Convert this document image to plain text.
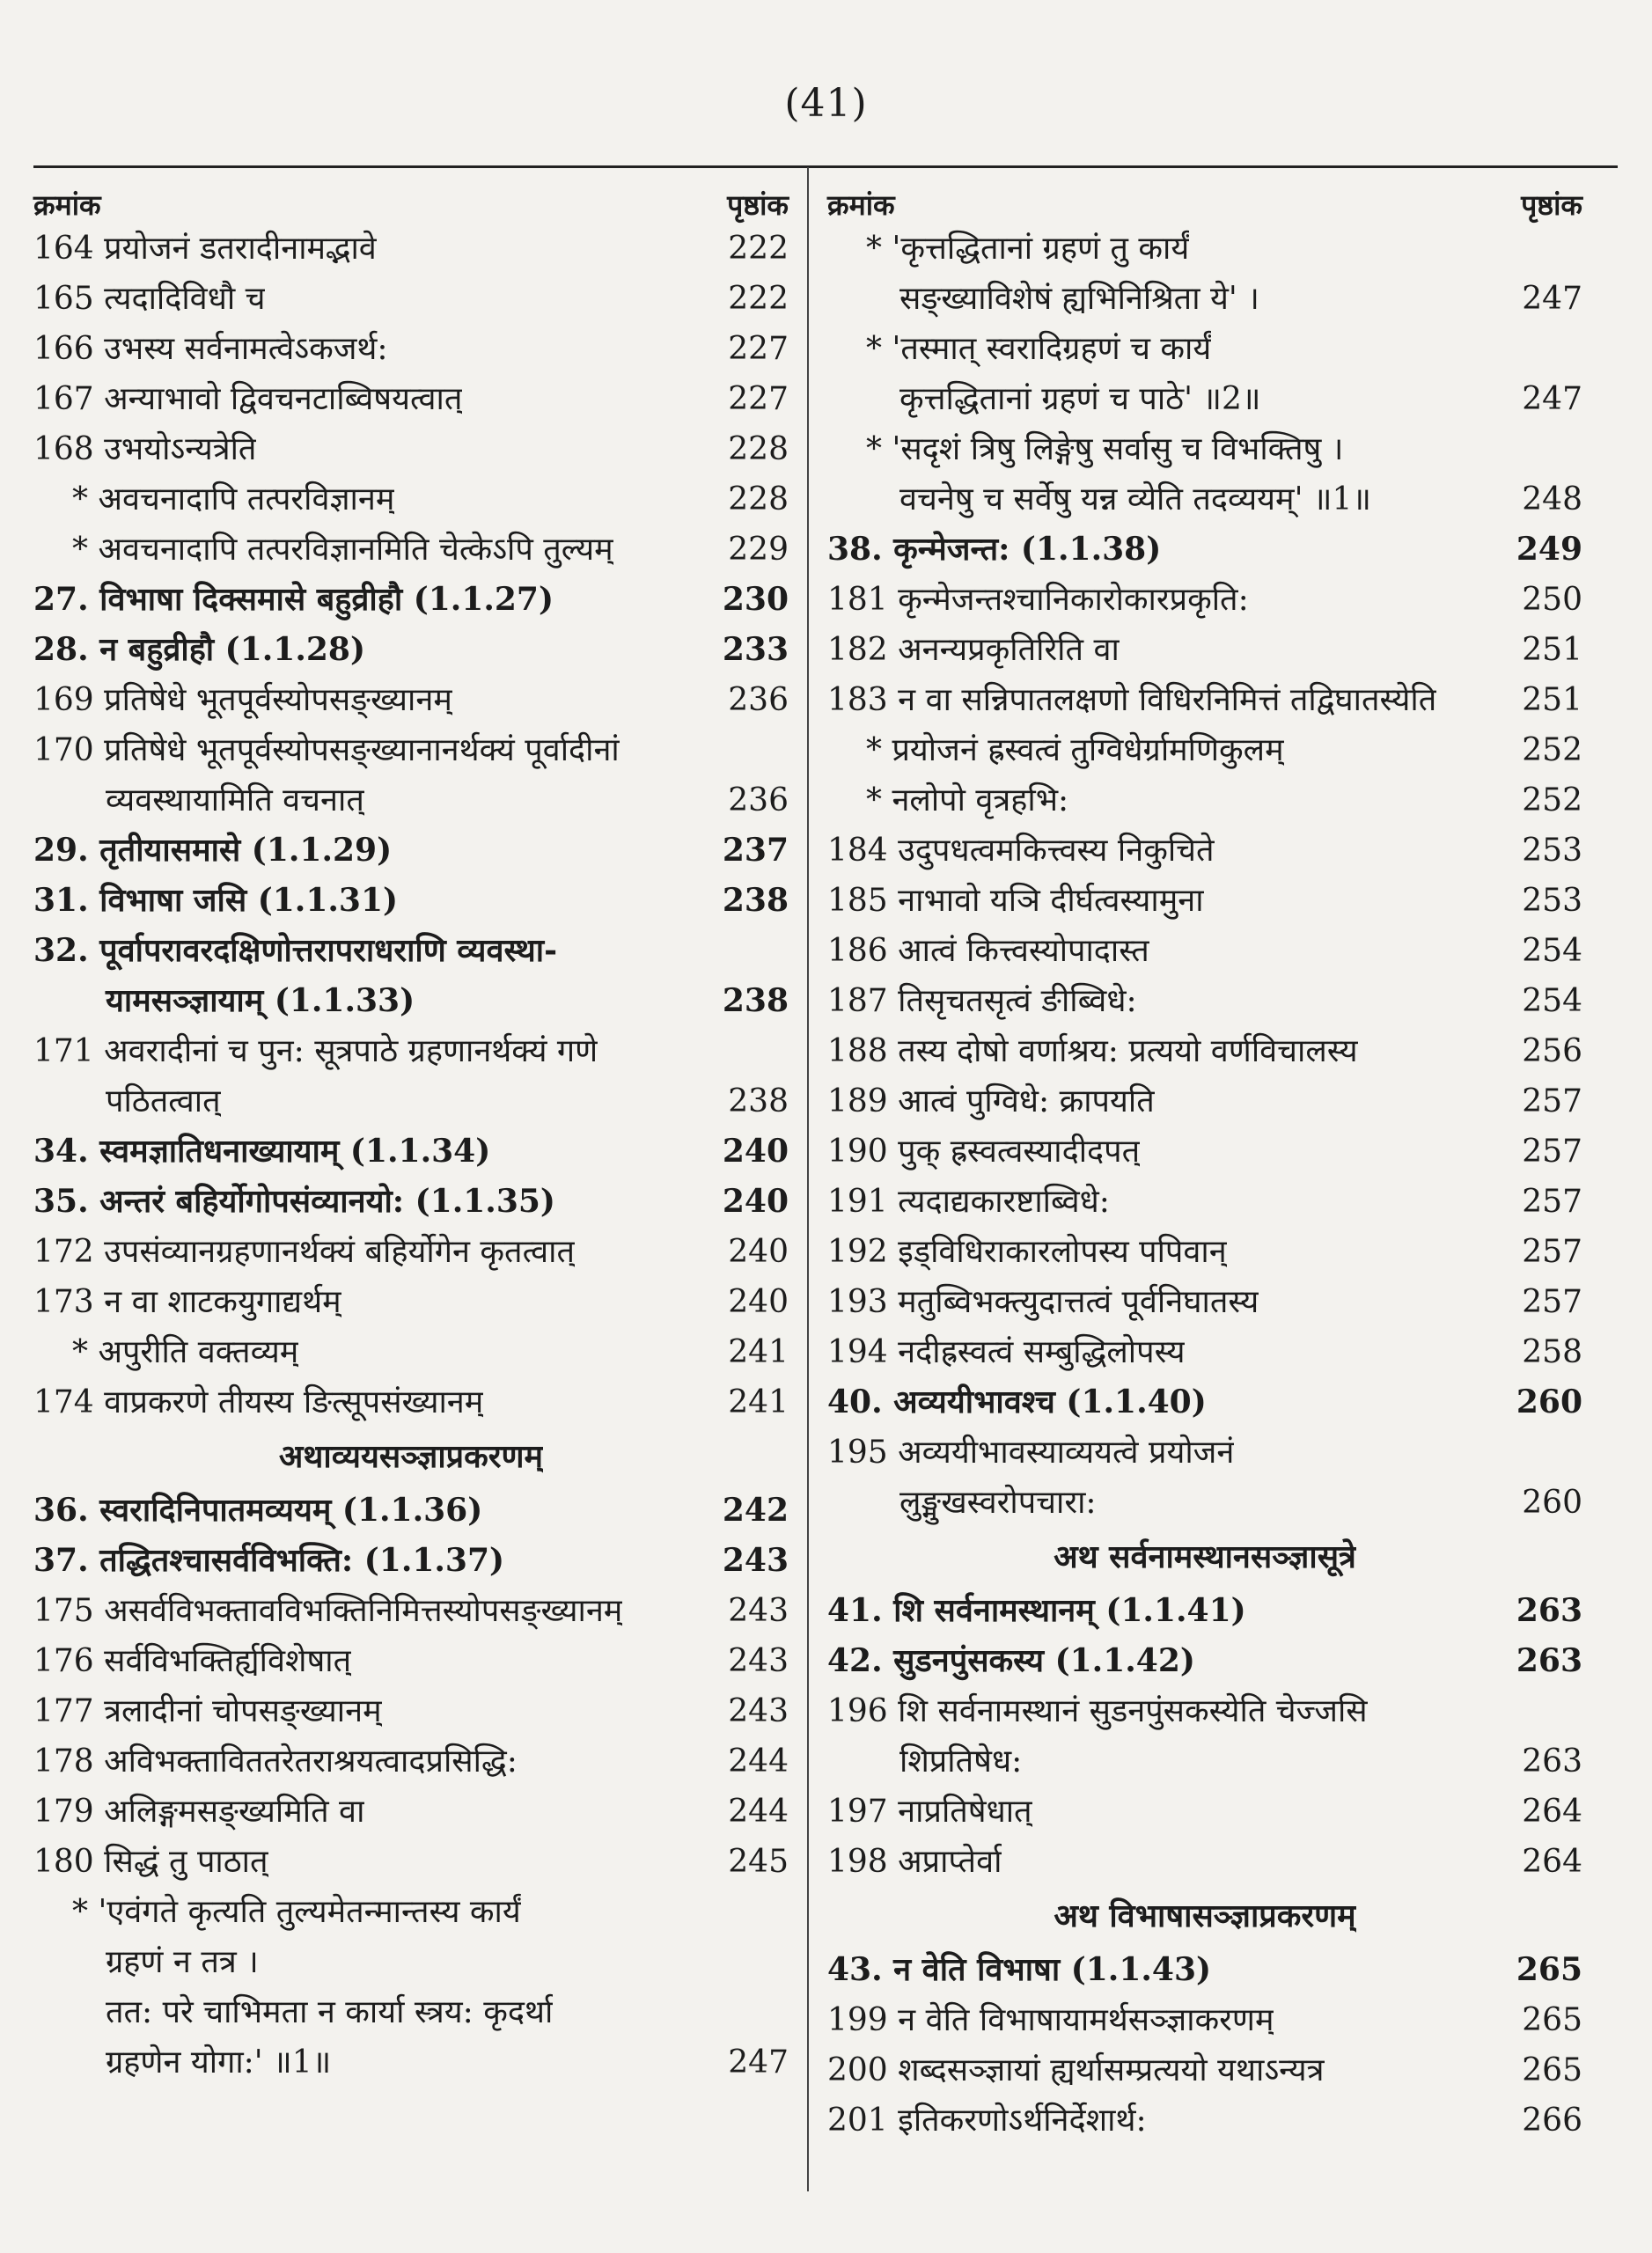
(41)
क्रमांक	पृष्ठांक
164 प्रयोजनं डतरादीनामद्भावे	222
165 त्यदादिविधौ च	222
166 उभस्य सर्वनामत्वेऽकजर्थ:	227
167 अन्याभावो द्विवचनटाब्विषयत्वात्	227
168 उभयोऽन्यत्रेति	228
* अवचनादापि तत्परविज्ञानम्	228
* अवचनादापि तत्परविज्ञानमिति चेत्केऽपि तुल्यम्	229
27. विभाषा दिक्समासे बहुव्रीहौ (1.1.27)	230
28. न बहुव्रीहौ (1.1.28)	233
169 प्रतिषेधे भूतपूर्वस्योपसङ्ख्यानम्	236
170 प्रतिषेधे भूतपूर्वस्योपसङ्ख्यानानर्थक्यं पूर्वादीनां
व्यवस्थायामिति वचनात्	236
29. तृतीयासमासे (1.1.29)	237
31. विभाषा जसि (1.1.31)	238
32. पूर्वापरावरदक्षिणोत्तरापराधराणि व्यवस्था-
यामसञ्ज्ञायाम् (1.1.33)	238
171 अवरादीनां च पुन: सूत्रपाठे ग्रहणानर्थक्यं गणे
पठितत्वात्	238
34. स्वमज्ञातिधनाख्यायाम् (1.1.34)	240
35. अन्तरं बहिर्योगोपसंव्यानयो: (1.1.35)	240
172 उपसंव्यानग्रहणानर्थक्यं बहिर्योगेन कृतत्वात्	240
173 न वा शाटकयुगाद्यर्थम्	240
* अपुरीति वक्तव्यम्	241
174 वाप्रकरणे तीयस्य ङित्सूपसंख्यानम्	241
अथाव्ययसञ्ज्ञाप्रकरणम्
36. स्वरादिनिपातमव्ययम् (1.1.36)	242
37. तद्धितश्चासर्वविभक्ति: (1.1.37)	243
175 असर्वविभक्तावविभक्तिनिमित्तस्योपसङ्ख्यानम्	243
176 सर्वविभक्तिर्ह्यविशेषात्	243
177 त्रलादीनां चोपसङ्ख्यानम्	243
178 अविभक्ताविततरेतराश्रयत्वादप्रसिद्धि:	244
179 अलिङ्गमसङ्ख्यमिति वा	244
180 सिद्धं तु पाठात्	245
* 'एवंगते कृत्यति तुल्यमेतन्मान्तस्य कार्यं
ग्रहणं न तत्र ।
तत: परे चाभिमता न कार्या स्त्रय: कृदर्था
ग्रहणेन योगा:' ॥1॥	247
क्रमांक	पृष्ठांक
* 'कृत्तद्धितानां ग्रहणं तु कार्यं
सङ्ख्याविशेषं ह्यभिनिश्रिता ये' ।	247
* 'तस्मात् स्वरादिग्रहणं च कार्यं
कृत्तद्धितानां ग्रहणं च पाठे' ॥2॥	247
* 'सदृशं त्रिषु लिङ्गेषु सर्वासु च विभक्तिषु ।
वचनेषु च सर्वेषु यन्न व्येति तदव्ययम्' ॥1॥	248
38. कृन्मेजन्त: (1.1.38)	249
181 कृन्मेजन्तश्चानिकारोकारप्रकृति:	250
182 अनन्यप्रकृतिरिति वा	251
183 न वा सन्निपातलक्षणो विधिरनिमित्तं तद्विघातस्येति	251
* प्रयोजनं ह्रस्वत्वं तुग्विधेर्ग्रामणिकुलम्	252
* नलोपो वृत्रहभि:	252
184 उदुपधत्वमकित्त्वस्य निकुचिते	253
185 नाभावो यञि दीर्घत्वस्यामुना	253
186 आत्वं कित्त्वस्योपादास्त	254
187 तिसृचतसृत्वं ङीब्विधे:	254
188 तस्य दोषो वर्णाश्रय: प्रत्ययो वर्णविचालस्य	256
189 आत्वं पुग्विधे: क्रापयति	257
190 पुक् ह्रस्वत्वस्यादीदपत्	257
191 त्यदाद्यकारष्टाब्विधे:	257
192 इड्विधिराकारलोपस्य पपिवान्	257
193 मतुब्विभक्त्युदात्तत्वं पूर्वनिघातस्य	257
194 नदीह्रस्वत्वं सम्बुद्धिलोपस्य	258
40. अव्ययीभावश्च (1.1.40)	260
195 अव्ययीभावस्याव्ययत्वे प्रयोजनं
लुङ्मुखस्वरोपचारा:	260
अथ सर्वनामस्थानसञ्ज्ञासूत्रे
41. शि सर्वनामस्थानम् (1.1.41)	263
42. सुडनपुंसकस्य (1.1.42)	263
196 शि सर्वनामस्थानं सुडनपुंसकस्येति चेज्जसि
शिप्रतिषेध:	263
197 नाप्रतिषेधात्	264
198 अप्राप्तेर्वा	264
अथ विभाषासञ्ज्ञाप्रकरणम्
43. न वेति विभाषा (1.1.43)	265
199 न वेति विभाषायामर्थसञ्ज्ञाकरणम्	265
200 शब्दसञ्ज्ञायां ह्यर्थासम्प्रत्ययो यथाऽन्यत्र	265
201 इतिकरणोऽर्थनिर्देशार्थ:	266
